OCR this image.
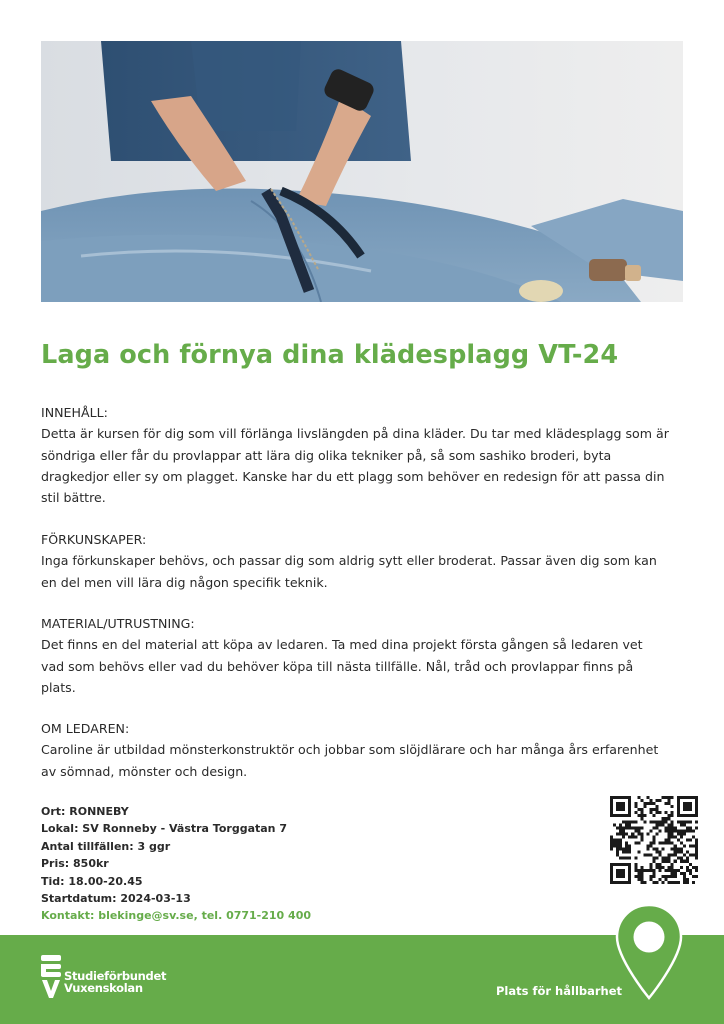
Laga och förnya dina klädesplagg VT-24
INNEHÅLL:
Detta är kursen för dig som vill förlänga livslängden på dina kläder. Du tar med klädesplagg som är
söndriga eller får du provlappar att lära dig olika tekniker på, så som sashiko broderi, byta
dragkedjor eller sy om plagget. Kanske har du ett plagg som behöver en redesign för att passa din
stil bättre.
FÖRKUNSKAPER:
Inga förkunskaper behövs, och passar dig som aldrig sytt eller broderat. Passar även dig som kan
en del men vill lära dig någon specifik teknik.
MATERIAL/UTRUSTNING:
Det finns en del material att köpa av ledaren. Ta med dina projekt första gången så ledaren vet
vad som behövs eller vad du behöver köpa till nästa tillfälle. Nål, tråd och provlappar finns på
plats.
OM LEDAREN:
Caroline är utbildad mönsterkonstruktör och jobbar som slöjdlärare och har många års erfarenhet
av sömnad, mönster och design.
Ort: RONNEBY
Lokal: SV Ronneby - Västra Torggatan 7
Antal tillfällen: 3 ggr
Pris: 850kr
Tid: 18.00-20.45
Startdatum: 2024-03-13
Kontakt: blekinge@sv.se, tel. 0771-210 400
Studieförbundet
Vuxenskolan	Plats för hållbarhet
